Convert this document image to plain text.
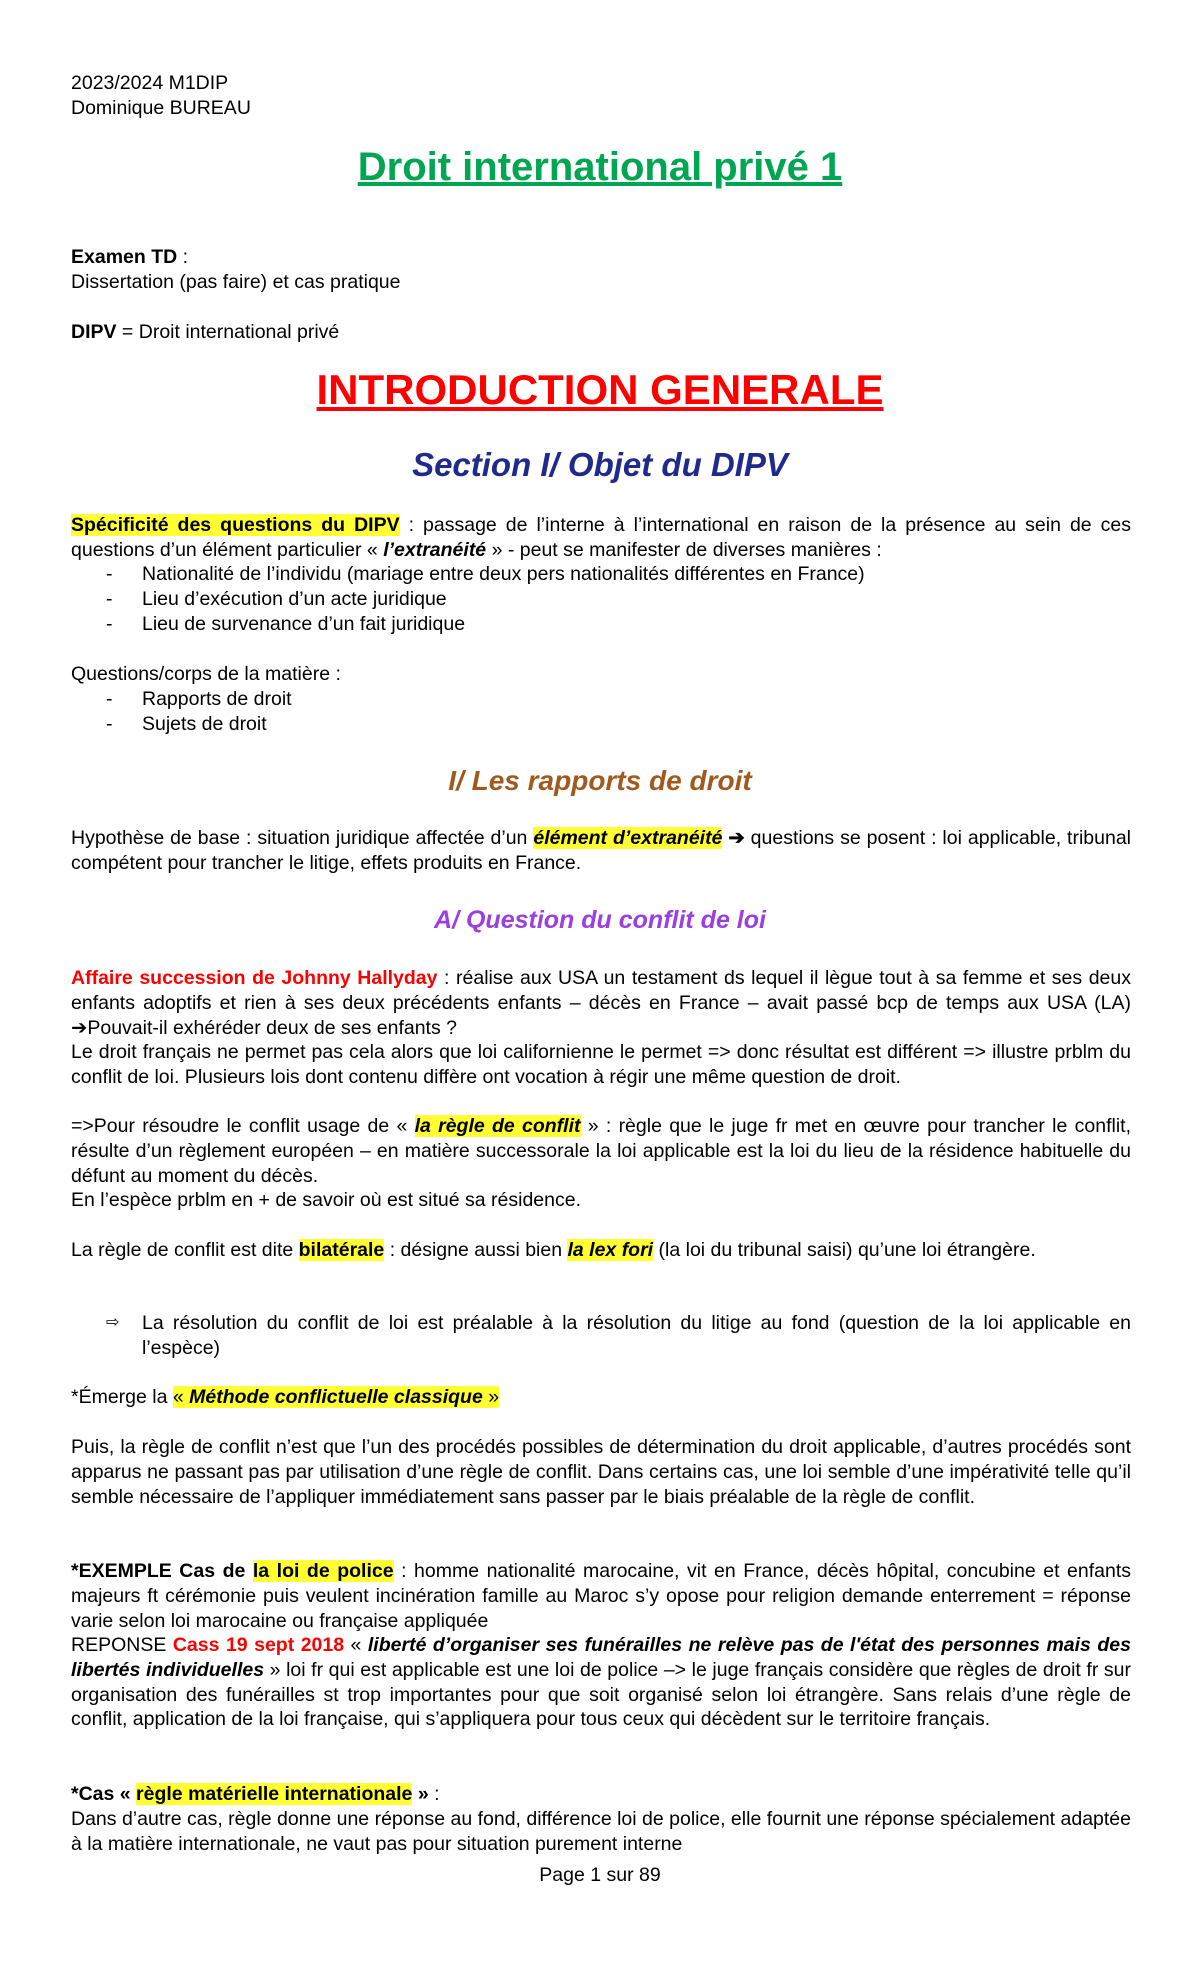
2023/2024 M1DIP

Dominique BUREAU

Droit international privé 1

Examen TD :

Dissertation (pas faire) et cas pratique

DIPV = Droit international privé

INTRODUCTION GENERALE
Section I/ Objet du DIPV

Spécificité des questions du DIPV : passage de l’interne à l’international en raison de la présence au sein de ces questions d’un élément particulier « l’extranéité » - peut se manifester de diverses manières :

- Nationalité de l’individu (mariage entre deux pers nationalités différentes en France)
- Lieu d’exécution d’un acte juridique
- Lieu de survenance d’un fait juridique

Questions/corps de la matière :

- Rapports de droit
- Sujets de droit
I/ Les rapports de droit

Hypothèse de base : situation juridique affectée d’un élément d’extranéité ➔ questions se posent : loi applicable, tribunal compétent pour trancher le litige, effets produits en France.

A/ Question du conflit de loi

Affaire succession de Johnny Hallyday : réalise aux USA un testament ds lequel il lègue tout à sa femme et ses deux enfants adoptifs et rien à ses deux précédents enfants – décès en France – avait passé bcp de temps aux USA (LA) ➔Pouvait-il exhéréder deux de ses enfants ?

Le droit français ne permet pas cela alors que loi californienne le permet => donc résultat est différent => illustre prblm du conflit de loi. Plusieurs lois dont contenu diffère ont vocation à régir une même question de droit.

=>Pour résoudre le conflit usage de « la règle de conflit » : règle que le juge fr met en œuvre pour trancher le conflit, résulte d’un règlement européen – en matière successorale la loi applicable est la loi du lieu de la résidence habituelle du défunt au moment du décès.

En l’espèce prblm en + de savoir où est situé sa résidence.

La règle de conflit est dite bilatérale : désigne aussi bien la lex fori (la loi du tribunal saisi) qu’une loi étrangère.

⇨	La résolution du conflit de loi est préalable à la résolution du litige au fond (question de la loi applicable en l’espèce)

*Émerge la « Méthode conflictuelle classique »

Puis, la règle de conflit n’est que l’un des procédés possibles de détermination du droit applicable, d’autres procédés sont apparus ne passant pas par utilisation d’une règle de conflit. Dans certains cas, une loi semble d’une impérativité telle qu’il semble nécessaire de l’appliquer immédiatement sans passer par le biais préalable de la règle de conflit.

*EXEMPLE Cas de la loi de police : homme nationalité marocaine, vit en France, décès hôpital, concubine et enfants majeurs ft cérémonie puis veulent incinération famille au Maroc s’y opose pour religion demande enterrement = réponse varie selon loi marocaine ou française appliquée

REPONSE Cass 19 sept 2018 « liberté d’organiser ses funérailles ne relève pas de l'état des personnes mais des libertés individuelles » loi fr qui est applicable est une loi de police –> le juge français considère que règles de droit fr sur organisation des funérailles st trop importantes pour que soit organisé selon loi étrangère. Sans relais d’une règle de conflit, application de la loi française, qui s’appliquera pour tous ceux qui décèdent sur le territoire français.

*Cas « règle matérielle internationale » :

Dans d’autre cas, règle donne une réponse au fond, différence loi de police, elle fournit une réponse spécialement adaptée à la matière internationale, ne vaut pas pour situation purement interne

Page 1 sur 89
